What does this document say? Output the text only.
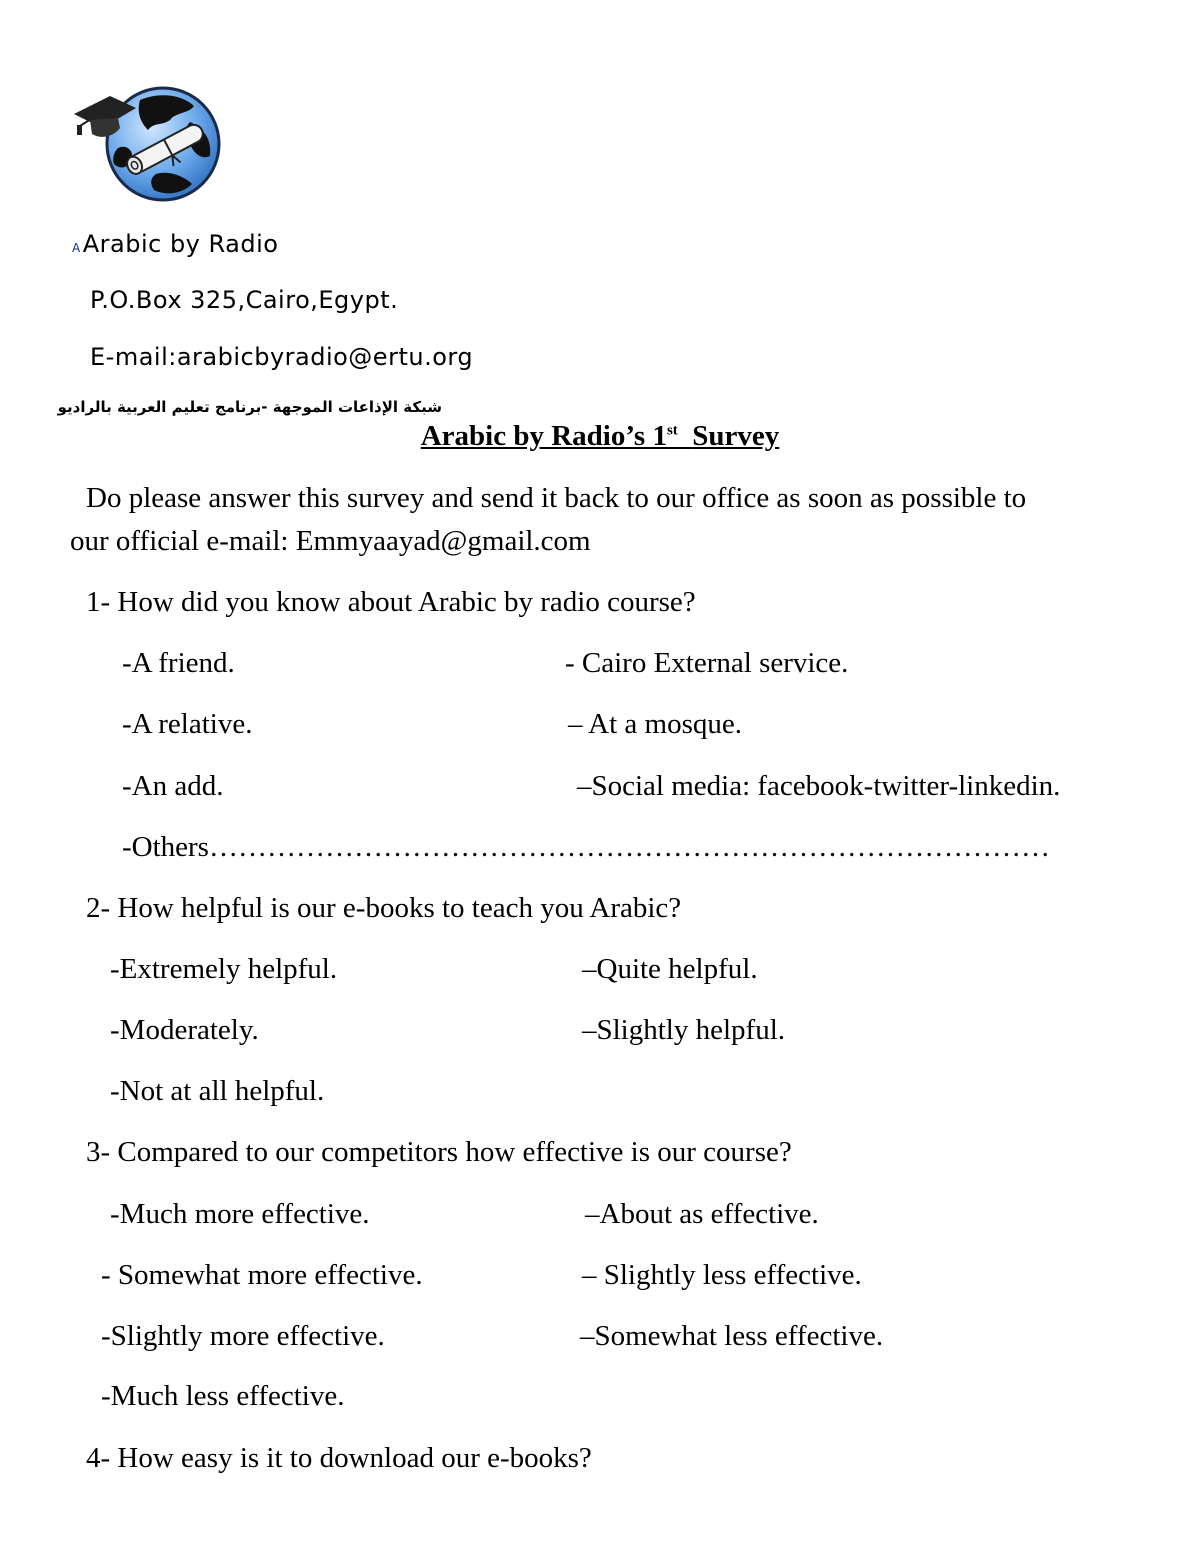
AArabic by Radio
P.O.Box 325,Cairo,Egypt.
E-mail:arabicbyradio@ertu.org
شبكة الإذاعات الموجهة -برنامج تعليم العربية بالراديو
Arabic by Radio’s 1st Survey
Do please answer this survey and send it back to our office as soon as possible to
our official e-mail: Emmyaayad@gmail.com
1- How did you know about Arabic by radio course?
-A friend.	- Cairo External service.
-A relative.	– At a mosque.
-An add.	–Social media: facebook-twitter-linkedin.
-Others……………………………………………………………………………
2- How helpful is our e-books to teach you Arabic?
-Extremely helpful.	–Quite helpful.
-Moderately.	–Slightly helpful.
-Not at all helpful.
3- Compared to our competitors how effective is our course?
-Much more effective.	–About as effective.
- Somewhat more effective.	– Slightly less effective.
-Slightly more effective.	–Somewhat less effective.
-Much less effective.
4- How easy is it to download our e-books?
